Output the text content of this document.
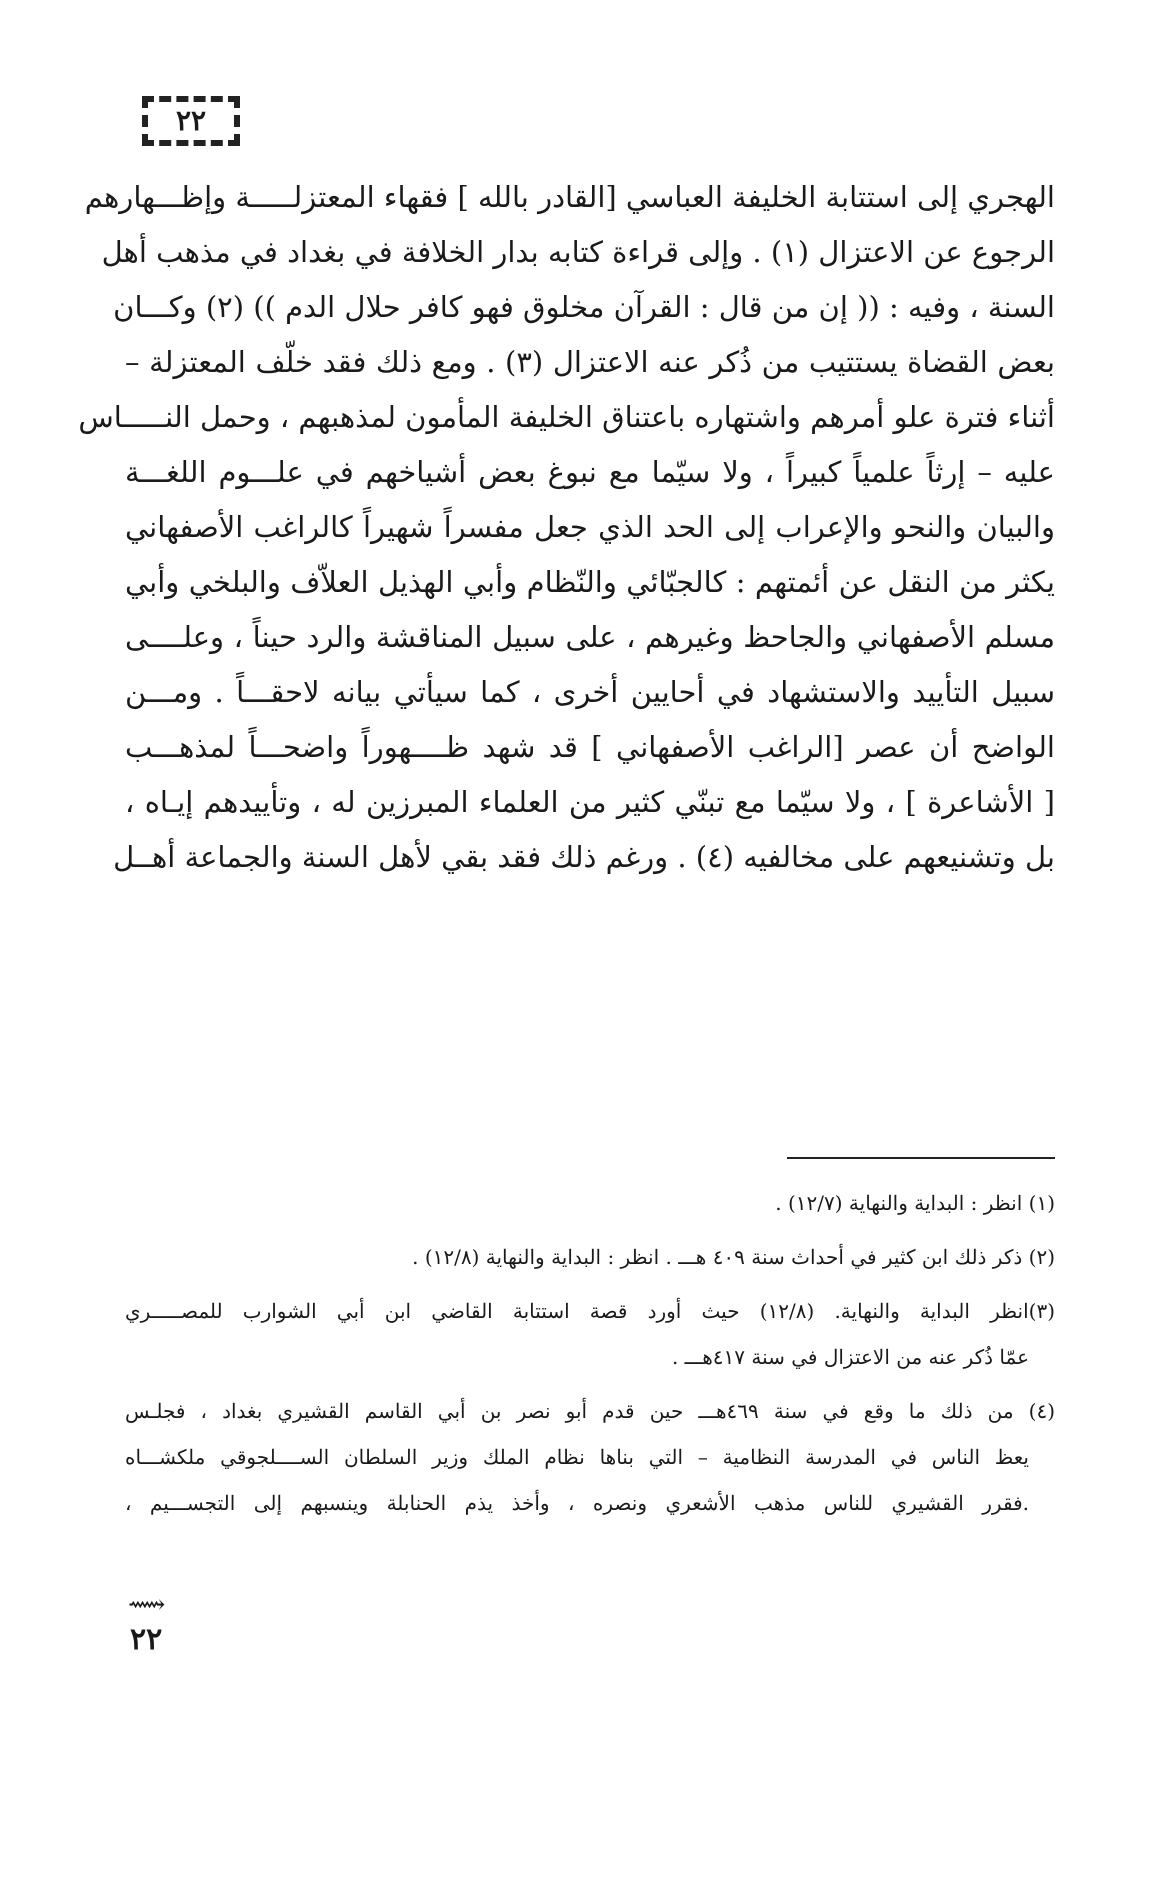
٢٢
الهجري إلى استتابة الخليفة العباسي [القادر بالله ] فقهاء المعتزلـــــة وإظـــهارهم
الرجوع عن الاعتزال (١) . وإلى قراءة كتابه بدار الخلافة في بغداد في مذهب أهل
السنة ، وفيه : (( إن من قال : القرآن مخلوق فهو كافر حلال الدم )) (٢) وكـــان
بعض القضاة يستتيب من ذُكر عنه الاعتزال (٣) . ومع ذلك فقد خلّف المعتزلة –
أثناء فترة علو أمرهم واشتهاره باعتناق الخليفة المأمون لمذهبهم ، وحمل النـــــاس
عليه – إرثاً علمياً كبيراً ، ولا سيّما مع نبوغ بعض أشياخهم في علـــوم اللغـــة
والبيان والنحو والإعراب إلى الحد الذي جعل مفسراً شهيراً كالراغب الأصفهاني
يكثر من النقل عن أئمتهم : كالجبّائي والنّظام وأبي الهذيل العلاّف والبلخي وأبي
مسلم الأصفهاني والجاحظ وغيرهم ، على سبيل المناقشة والرد حيناً ، وعلــــى
سبيل التأييد والاستشهاد في أحايين أخرى ، كما سيأتي بيانه لاحقـــاً . ومـــن
الواضح أن عصر [الراغب الأصفهاني ] قد شهد ظــــهوراً واضحـــاً لمذهـــب
[ الأشاعرة ] ، ولا سيّما مع تبنّي كثير من العلماء المبرزين له ، وتأييدهم إيـاه ،
بل وتشنيعهم على مخالفيه (٤) . ورغم ذلك فقد بقي لأهل السنة والجماعة أهــل
(١) انظر : البداية والنهاية (١٢/٧) .
(٢) ذكر ذلك ابن كثير في أحداث سنة ٤٠٩ هـــ . انظر : البداية والنهاية (١٢/٨) .
(٣)انظر البداية والنهاية. (١٢/٨) حيث أورد قصة استتابة القاضي ابن أبي الشوارب للمصـــــري
عمّا ذُكر عنه من الاعتزال في سنة ٤١٧هـــ .
(٤) من ذلك ما وقع في سنة ٤٦٩هـــ حين قدم أبو نصر بن أبي القاسم القشيري بغداد ، فجلـس
يعظ الناس في المدرسة النظامية – التي بناها نظام الملك وزير السلطان الســــلجوقي ملكشـــاه
.فقرر القشيري للناس مذهب الأشعري ونصره ، وأخذ يذم الحنابلة وينسبهم إلى التجســـيم ،
⟿
٢٢
